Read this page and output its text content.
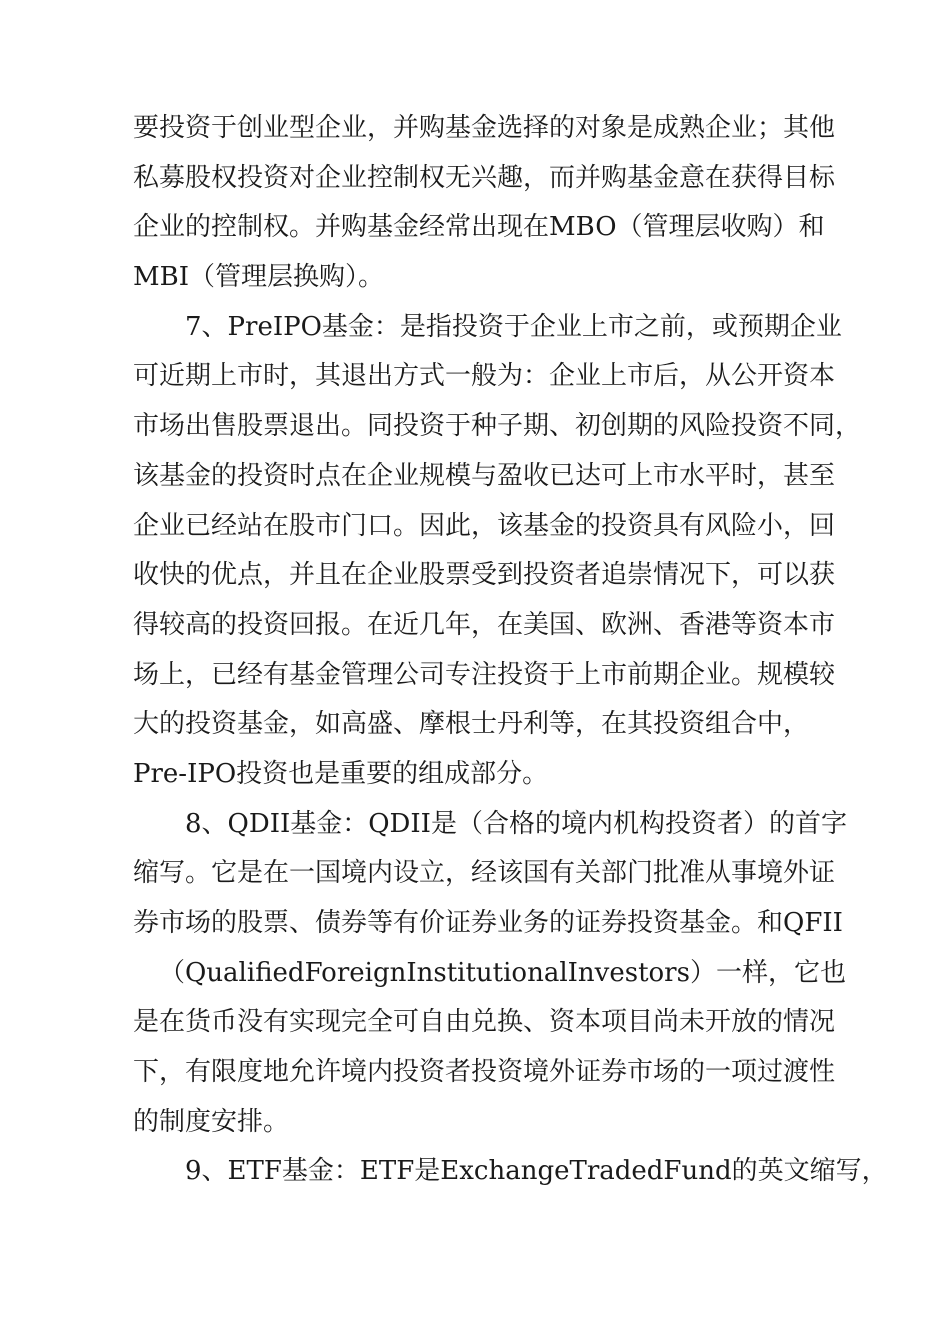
要投资于创业型企业，并购基金选择的对象是成熟企业；其他
私募股权投资对企业控制权无兴趣，而并购基金意在获得目标
企业的控制权。并购基金经常出现在MBO（管理层收购）和
MBI（管理层换购）。
7、PreIPO基金：是指投资于企业上市之前，或预期企业
可近期上市时，其退出方式一般为：企业上市后，从公开资本
市场出售股票退出。同投资于种子期、初创期的风险投资不同，
该基金的投资时点在企业规模与盈收已达可上市水平时，甚至
企业已经站在股市门口。因此，该基金的投资具有风险小，回
收快的优点，并且在企业股票受到投资者追崇情况下，可以获
得较高的投资回报。在近几年，在美国、欧洲、香港等资本市
场上，已经有基金管理公司专注投资于上市前期企业。规模较
大的投资基金，如高盛、摩根士丹利等，在其投资组合中，
Pre-IPO投资也是重要的组成部分。
8、QDII基金：QDII是（合格的境内机构投资者）的首字
缩写。它是在一国境内设立，经该国有关部门批准从事境外证
券市场的股票、债券等有价证券业务的证券投资基金。和QFII
（QualifiedForeignInstitutionalInvestors）一样，它也
是在货币没有实现完全可自由兑换、资本项目尚未开放的情况
下，有限度地允许境内投资者投资境外证券市场的一项过渡性
的制度安排。
9、ETF基金：ETF是ExchangeTradedFund的英文缩写，
